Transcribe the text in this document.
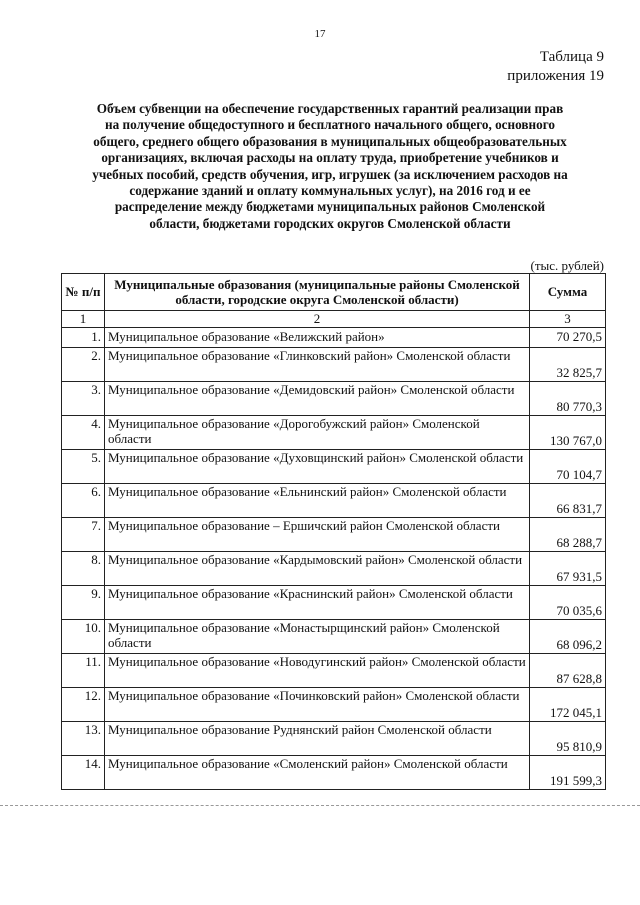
17
Таблица 9
приложения 19
Объем субвенции на обеспечение государственных гарантий реализации прав
на получение общедоступного и бесплатного начального общего, основного
общего, среднего общего образования в муниципальных общеобразовательных
организациях, включая расходы на оплату труда, приобретение учебников и
учебных пособий, средств обучения, игр, игрушек (за исключением расходов на
содержание зданий и оплату коммунальных услуг), на 2016 год и ее
распределение между бюджетами муниципальных районов Смоленской
области, бюджетами городских округов Смоленской области
(тыс. рублей)
№ п/п	Муниципальные образования (муниципальные районы Смоленской области, городские округа Смоленской области)	Сумма
1	2	3
1.	Муниципальное образование «Велижский район»	70 270,5
2.	Муниципальное образование «Глинковский район» Смоленской области	32 825,7
3.	Муниципальное образование «Демидовский район» Смоленской области	80 770,3
4.	Муниципальное образование «Дорогобужский район» Смоленской области	130 767,0
5.	Муниципальное образование «Духовщинский район» Смоленской области	70 104,7
6.	Муниципальное образование «Ельнинский район» Смоленской области	66 831,7
7.	Муниципальное образование – Ершичский район Смоленской области	68 288,7
8.	Муниципальное образование «Кардымовский район» Смоленской области	67 931,5
9.	Муниципальное образование «Краснинский район» Смоленской области	70 035,6
10.	Муниципальное образование «Монастырщинский район» Смоленской области	68 096,2
11.	Муниципальное образование «Новодугинский район» Смоленской области	87 628,8
12.	Муниципальное образование «Починковский район» Смоленской области	172 045,1
13.	Муниципальное образование Руднянский район Смоленской области	95 810,9
14.	Муниципальное образование «Смоленский район» Смоленской области	191 599,3
